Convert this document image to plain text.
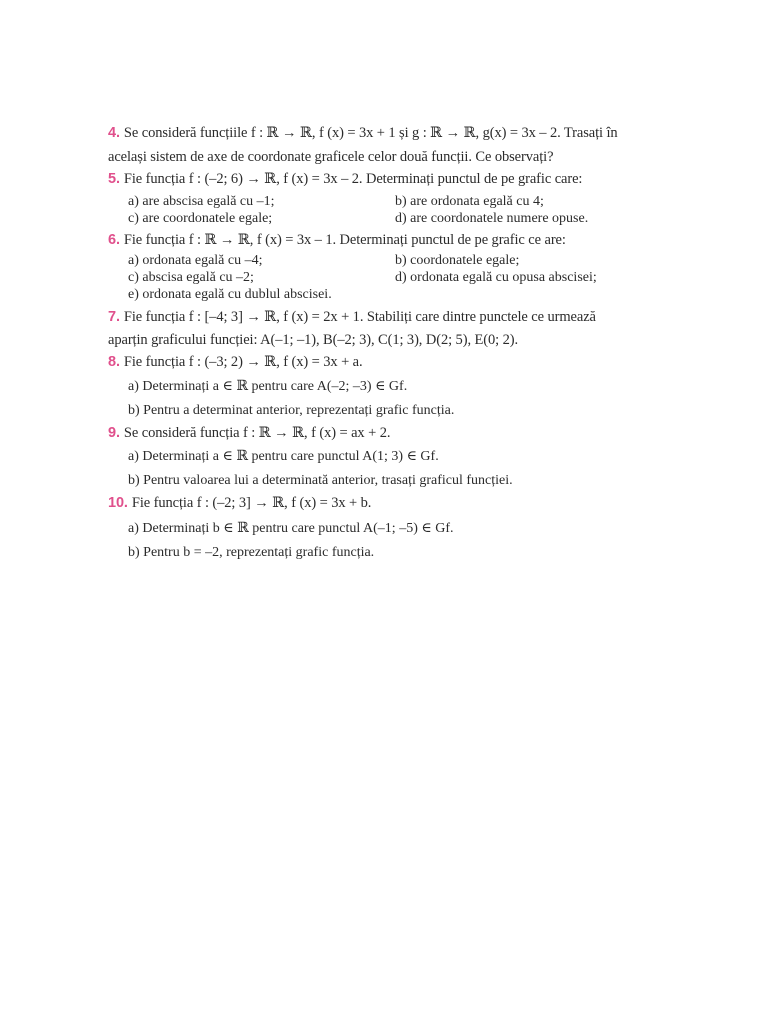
4. Se consideră funcțiile f : ℝ → ℝ, f (x) = 3x + 1 și g : ℝ → ℝ, g(x) = 3x – 2. Trasați în
același sistem de axe de coordonate graficele celor două funcții. Ce observați?
5. Fie funcția f : (–2; 6) → ℝ, f (x) = 3x – 2. Determinați punctul de pe grafic care:
a) are abscisa egală cu –1;	b) are ordonata egală cu 4;
c) are coordonatele egale;	d) are coordonatele numere opuse.
6. Fie funcția f : ℝ → ℝ, f (x) = 3x – 1. Determinați punctul de pe grafic ce are:
a) ordonata egală cu –4;	b) coordonatele egale;
c) abscisa egală cu –2;	d) ordonata egală cu opusa abscisei;
e) ordonata egală cu dublul abscisei.
7. Fie funcția f : [–4; 3] → ℝ, f (x) = 2x + 1. Stabiliți care dintre punctele ce urmează
aparțin graficului funcției: A(–1; –1), B(–2; 3), C(1; 3), D(2; 5), E(0; 2).
8. Fie funcția f : (–3; 2) → ℝ, f (x) = 3x + a.
a) Determinați a ∈ ℝ pentru care A(–2; –3) ∈ Gf.
b) Pentru a determinat anterior, reprezentați grafic funcția.
9. Se consideră funcția f : ℝ → ℝ, f (x) = ax + 2.
a) Determinați a ∈ ℝ pentru care punctul A(1; 3) ∈ Gf.
b) Pentru valoarea lui a determinată anterior, trasați graficul funcției.
10. Fie funcția f : (–2; 3] → ℝ, f (x) = 3x + b.
a) Determinați b ∈ ℝ pentru care punctul A(–1; –5) ∈ Gf.
b) Pentru b = –2, reprezentați grafic funcția.
